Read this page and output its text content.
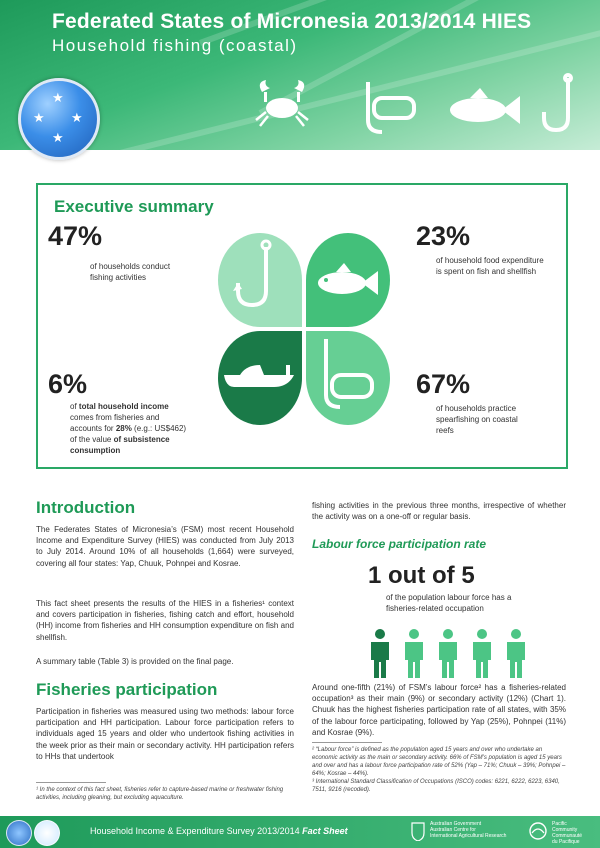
Federated States of Micronesia 2013/2014 HIES
Household fishing (coastal)
★
★ ★
★
Executive summary
47%
of households conduct fishing activities
23%
of household food expenditure is spent on fish and shellfish
6%
of total household income comes from fisheries and accounts for 28% (e.g.: US$462) of the value of subsistence consumption
67%
of households practice spearfishing on coastal reefs
Introduction

The Federates States of Micronesia’s (FSM) most recent Household Income and Expenditure Survey (HIES) was conducted from July 2013 to July 2014. Around 10% of all households (1,664) were surveyed, covering all four states: Yap, Chuuk, Pohnpei and Kosrae.

This fact sheet presents the results of the HIES in a fisheries¹ context and covers participation in fisheries, fishing catch and effort, household (HH) income from fisheries and HH consumption expenditure on fish and shellfish.

A summary table (Table 3) is provided on the final page.

Fisheries participation

Participation in fisheries was measured using two methods: labour force participation and HH participation. Labour force participation refers to individuals aged 15 years and older who undertook fishing activities in the week prior as their main or secondary activity. HH participation refers to HHs that undertook

¹ In the context of this fact sheet, fisheries refer to capture-based marine or freshwater fishing activities, including gleaning, but excluding aquaculture.

fishing activities in the previous three months, irrespective of whether the activity was on a one-off or regular basis.

Labour force participation rate
1 out of 5
of the population labour force has a fisheries-related occupation

Around one-fifth (21%) of FSM’s labour force² has a fisheries-related occupation³ as their main (9%) or secondary activity (12%) (Chart 1). Chuuk has the highest fisheries participation rate of all states, with 35% of the labour force participating, followed by Yap (25%), Pohnpei (11%) and Kosrae (9%).

² “Labour force” is defined as the population aged 15 years and over who undertake an economic activity as the main or secondary activity. 66% of FSM’s population is aged 15 years and over and has a labour force participation rate of 52% (Yap – 71%; Chuuk – 39%; Pohnpei – 64%; Kosrae – 44%).
³ International Standard Classification of Occupations (ISCO) codes: 6221, 6222, 6223, 6340, 7511, 9216 (recoded).
Household Income & Expenditure Survey 2013/2014 Fact Sheet
Australian Government
Australian Centre for
International Agricultural Research
Pacific
Community
Communauté
du Pacifique
